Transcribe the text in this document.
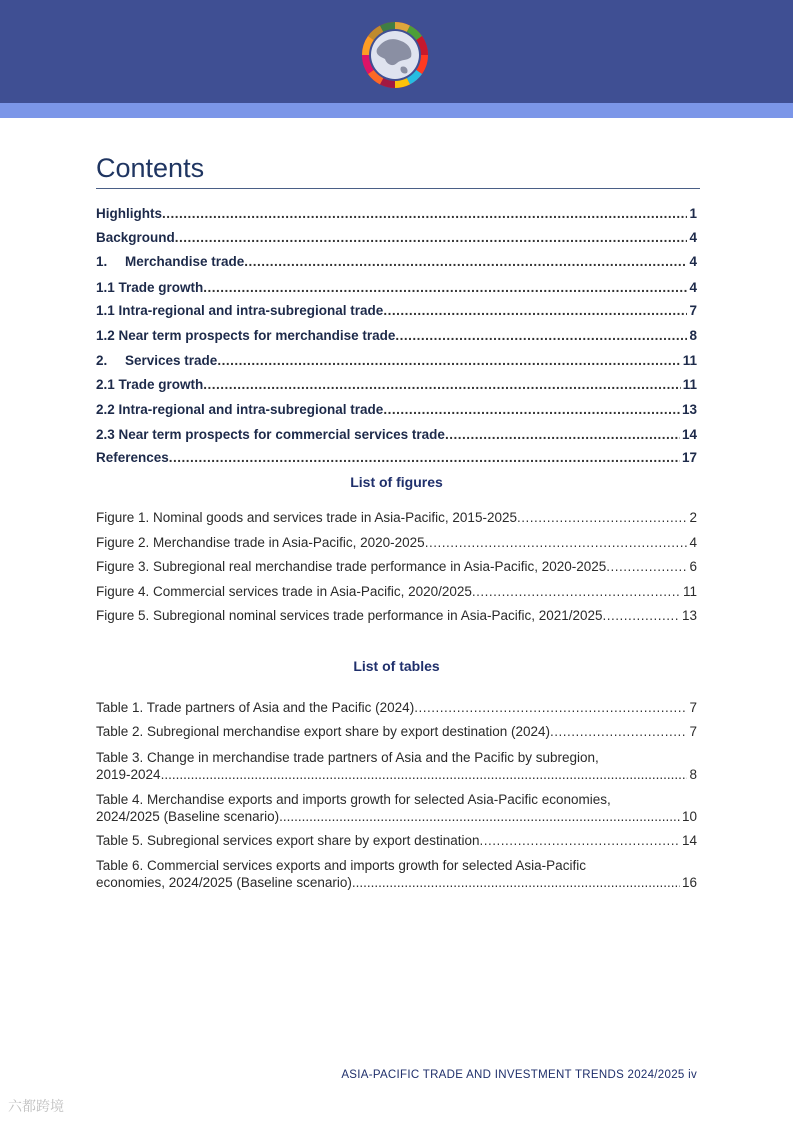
Contents
Highlights .....	1
Background .....	4
1. Merchandise trade .....	4
1.1 Trade growth .....	4
1.1 Intra-regional and intra-subregional trade .....	7
1.2 Near term prospects for merchandise trade .....	8
2. Services trade .....	11
2.1 Trade growth .....	11
2.2 Intra-regional and intra-subregional trade .....	13
2.3 Near term prospects for commercial services trade .....	14
References .....	17
List of figures
Figure 1. Nominal goods and services trade in Asia-Pacific, 2015-2025 .....	2
Figure 2. Merchandise trade in Asia-Pacific, 2020-2025 .....	4
Figure 3. Subregional real merchandise trade performance in Asia-Pacific, 2020-2025 .....	6
Figure 4. Commercial services trade in Asia-Pacific, 2020/2025 .....	11
Figure 5. Subregional nominal services trade performance in Asia-Pacific, 2021/2025 .....	13
List of tables
Table 1. Trade partners of Asia and the Pacific (2024) .....	7
Table 2. Subregional merchandise export share by export destination (2024) .....	7
Table 3. Change in merchandise trade partners of Asia and the Pacific by subregion,
2019-2024 .....	8
Table 4. Merchandise exports and imports growth for selected Asia-Pacific economies,
2024/2025 (Baseline scenario) .....	10
Table 5. Subregional services export share by export destination .....	14
Table 6. Commercial services exports and imports growth for selected Asia-Pacific
economies, 2024/2025 (Baseline scenario) .....	16
ASIA-PACIFIC TRADE AND INVESTMENT TRENDS 2024/2025 iv
六都跨境
